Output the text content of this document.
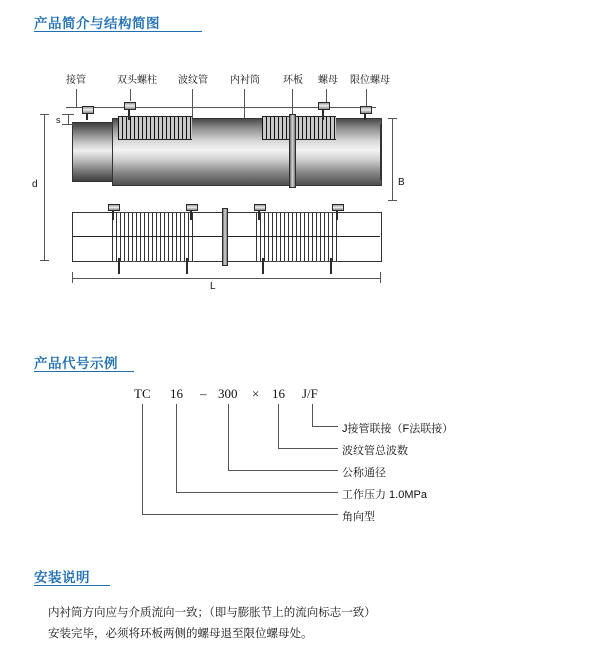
产品简介与结构简图
接管	双头螺柱 波纹管 内衬筒 环板 螺母 限位螺母
s
d	B
L
产品代号示例
TC 16 – 300 × 16 J/F
J接管联接（F法联接）
波纹管总波数
公称通径
工作压力 1.0MPa
角向型
安装说明
内衬筒方向应与介质流向一致；（即与膨胀节上的流向标志一致）
安装完毕，必须将环板两侧的螺母退至限位螺母处。
